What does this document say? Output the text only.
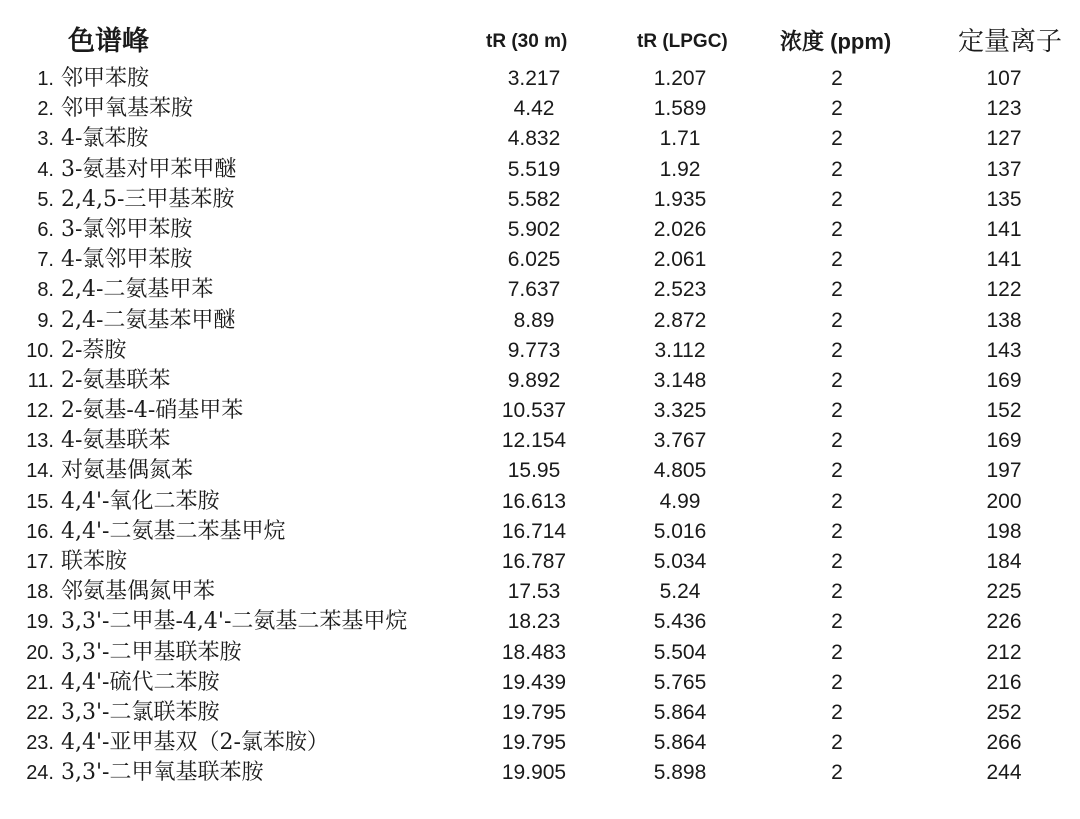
色谱峰	tR (30 m)	tR (LPGC)	浓度 (ppm)	定量离子
1. 邻甲苯胺	3.217	1.207	2	107
2. 邻甲氧基苯胺	4.42	1.589	2	123
3. 4-氯苯胺	4.832	1.71	2	127
4. 3-氨基对甲苯甲醚	5.519	1.92	2	137
5. 2,4,5-三甲基苯胺	5.582	1.935	2	135
6. 3-氯邻甲苯胺	5.902	2.026	2	141
7. 4-氯邻甲苯胺	6.025	2.061	2	141
8. 2,4-二氨基甲苯	7.637	2.523	2	122
9. 2,4-二氨基苯甲醚	8.89	2.872	2	138
10. 2-萘胺	9.773	3.112	2	143
11. 2-氨基联苯	9.892	3.148	2	169
12. 2-氨基-4-硝基甲苯	10.537	3.325	2	152
13. 4-氨基联苯	12.154	3.767	2	169
14. 对氨基偶氮苯	15.95	4.805	2	197
15. 4,4'-氧化二苯胺	16.613	4.99	2	200
16. 4,4'-二氨基二苯基甲烷	16.714	5.016	2	198
17. 联苯胺	16.787	5.034	2	184
18. 邻氨基偶氮甲苯	17.53	5.24	2	225
19. 3,3'-二甲基-4,4'-二氨基二苯基甲烷	18.23	5.436	2	226
20. 3,3'-二甲基联苯胺	18.483	5.504	2	212
21. 4,4'-硫代二苯胺	19.439	5.765	2	216
22. 3,3'-二氯联苯胺	19.795	5.864	2	252
23. 4,4'-亚甲基双（2-氯苯胺）	19.795	5.864	2	266
24. 3,3'-二甲氧基联苯胺	19.905	5.898	2	244
